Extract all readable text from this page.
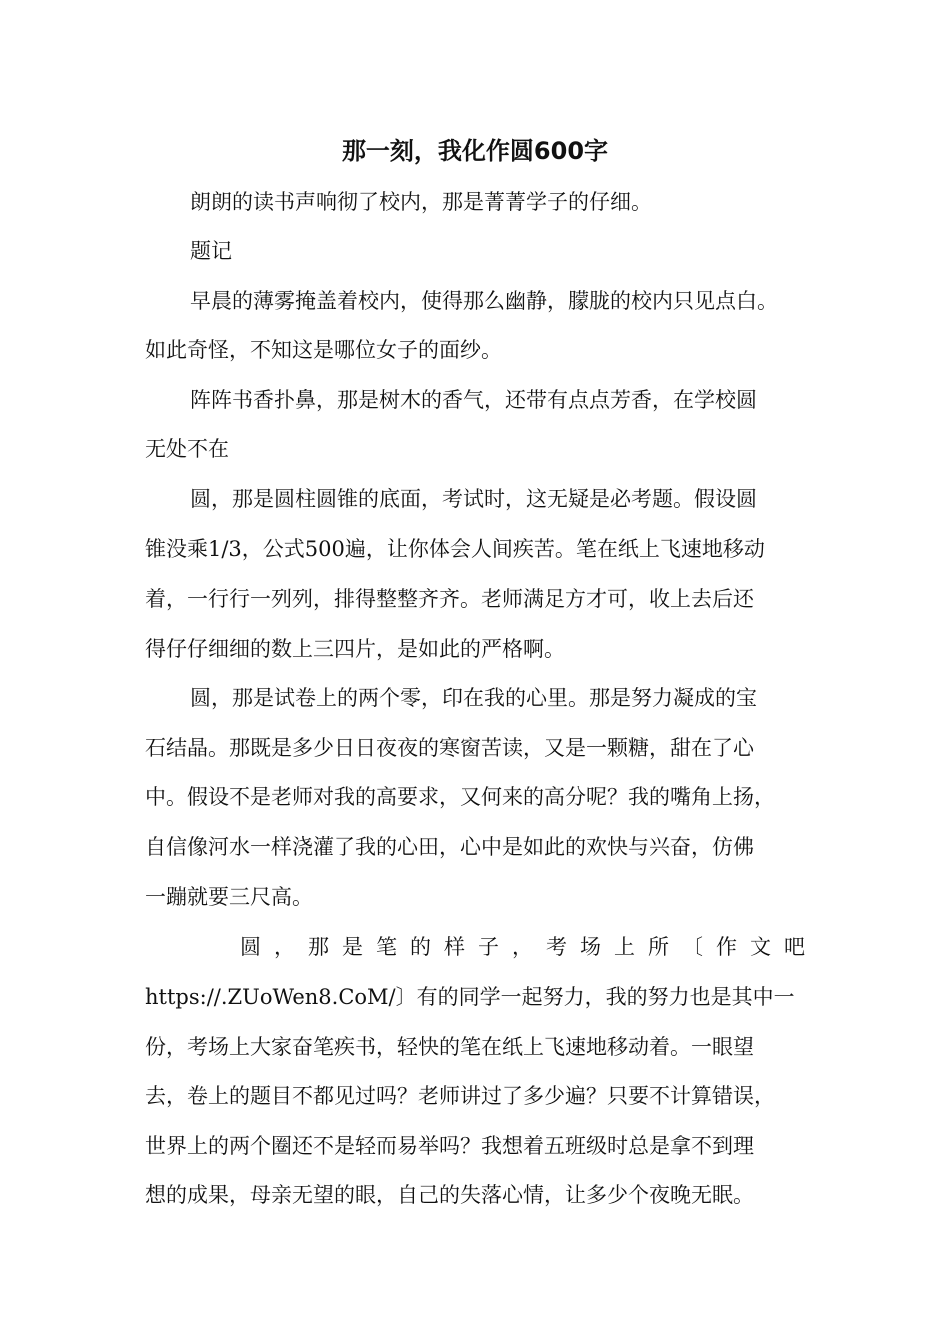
那一刻，我化作圆600字

朗朗的读书声响彻了校内，那是菁菁学子的仔细。

题记

早晨的薄雾掩盖着校内，使得那么幽静，朦胧的校内只见点白。

如此奇怪，不知这是哪位女子的面纱。

阵阵书香扑鼻，那是树木的香气，还带有点点芳香，在学校圆

无处不在

圆，那是圆柱圆锥的底面，考试时，这无疑是必考题。假设圆

锥没乘1/3，公式500遍，让你体会人间疾苦。笔在纸上飞速地移动

着，一行行一列列，排得整整齐齐。老师满足方才可，收上去后还

得仔仔细细的数上三四片，是如此的严格啊。

圆，那是试卷上的两个零，印在我的心里。那是努力凝成的宝

石结晶。那既是多少日日夜夜的寒窗苦读，又是一颗糖，甜在了心

中。假设不是老师对我的高要求，又何来的高分呢？我的嘴角上扬，

自信像河水一样浇灌了我的心田，心中是如此的欢快与兴奋，仿佛

一蹦就要三尺高。

圆，那是笔的样子，考场上所〔作文吧

https://.ZUoWen8.CoM/〕有的同学一起努力，我的努力也是其中一

份，考场上大家奋笔疾书，轻快的笔在纸上飞速地移动着。一眼望

去，卷上的题目不都见过吗？老师讲过了多少遍？只要不计算错误，

世界上的两个圈还不是轻而易举吗？我想着五班级时总是拿不到理

想的成果，母亲无望的眼，自己的失落心情，让多少个夜晚无眠。
